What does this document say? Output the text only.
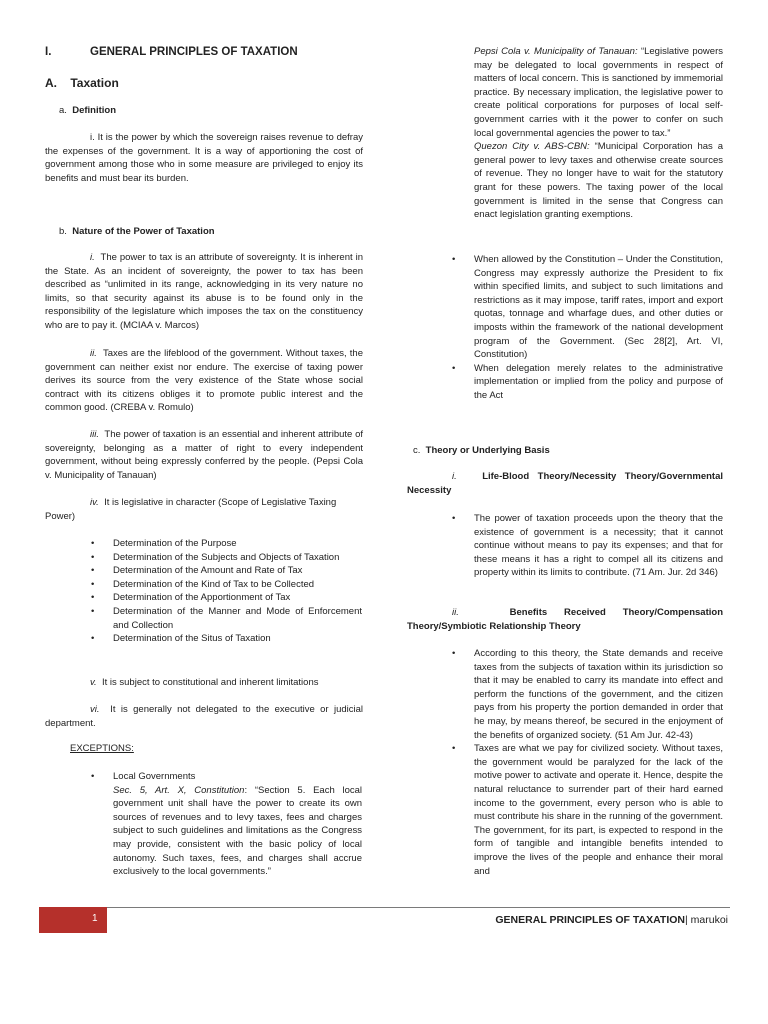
I.	GENERAL PRINCIPLES OF TAXATION
A. Taxation
a. Definition
i. It is the power by which the sovereign raises revenue to defray the expenses of the government. It is a way of apportioning the cost of government among those who in some measure are privileged to enjoy its benefits and must bear its burden.
b. Nature of the Power of Taxation
i. The power to tax is an attribute of sovereignty. It is inherent in the State. As an incident of sovereignty, the power to tax has been described as “unlimited in its range, acknowledging in its very nature no limits, so that security against its abuse is to be found only in the responsibility of the legislature which imposes the tax on the constituency who are to pay it. (MCIAA v. Marcos)
ii. Taxes are the lifeblood of the government. Without taxes, the government can neither exist nor endure. The exercise of taxing power derives its source from the very existence of the State whose social contract with its citizens obliges it to promote public interest and the common good. (CREBA v. Romulo)
iii. The power of taxation is an essential and inherent attribute of sovereignty, belonging as a matter of right to every independent government, without being expressly conferred by the people. (Pepsi Cola v. Municipality of Tanauan)
iv. It is legislative in character (Scope of Legislative Taxing Power)
• Determination of the Purpose
• Determination of the Subjects and Objects of Taxation
• Determination of the Amount and Rate of Tax
• Determination of the Kind of Tax to be Collected
• Determination of the Apportionment of Tax
• Determination of the Manner and Mode of Enforcement and Collection
• Determination of the Situs of Taxation
v. It is subject to constitutional and inherent limitations
vi. It is generally not delegated to the executive or judicial department.
EXCEPTIONS:
• Local Governments
Sec. 5, Art. X, Constitution: “Section 5. Each local government unit shall have the power to create its own sources of revenues and to levy taxes, fees and charges subject to such guidelines and limitations as the Congress may provide, consistent with the basic policy of local autonomy. Such taxes, fees, and charges shall accrue exclusively to the local governments.”
Pepsi Cola v. Municipality of Tanauan: “Legislative powers may be delegated to local governments in respect of matters of local concern. This is sanctioned by immemorial practice. By necessary implication, the legislative power to create political corporations for purposes of local self-government carries with it the power to confer on such local governmental agencies the power to tax.”
Quezon City v. ABS-CBN: “Municipal Corporation has a general power to levy taxes and otherwise create sources of revenue. They no longer have to wait for the statutory grant for these powers. The taxing power of the local government is limited in the sense that Congress can enact legislation granting exemptions.
• When allowed by the Constitution – Under the Constitution, Congress may expressly authorize the President to fix within specified limits, and subject to such limitations and restrictions as it may impose, tariff rates, import and export quotas, tonnage and wharfage dues, and other duties or imposts within the framework of the national development program of the Government. (Sec 28[2], Art. VI, Constitution)
• When delegation merely relates to the administrative implementation or implied from the policy and purpose of the Act
c. Theory or Underlying Basis
i.	Life-Blood Theory/Necessity Theory/Governmental Necessity
• The power of taxation proceeds upon the theory that the existence of government is a necessity; that it cannot continue without means to pay its expenses; and that for these means it has a right to compel all its citizens and property within its limits to contribute. (71 Am. Jur. 2d 346)
ii.	Benefits Received Theory/Compensation Theory/Symbiotic Relationship Theory
• According to this theory, the State demands and receive taxes from the subjects of taxation within its jurisdiction so that it may be enabled to carry its mandate into effect and perform the functions of the government, and the citizen pays from his property the portion demanded in order that he may, by means thereof, be secured in the enjoyment of the benefits of organized society. (51 Am Jur. 42-43)
• Taxes are what we pay for civilized society. Without taxes, the government would be paralyzed for the lack of the motive power to activate and operate it. Hence, despite the natural reluctance to surrender part of their hard earned income to the government, every person who is able to must contribute his share in the running of the government. The government, for its part, is expected to respond in the form of tangible and intangible benefits intended to improve the lives of the people and enhance their moral and
1	GENERAL PRINCIPLES OF TAXATION| marukoi
